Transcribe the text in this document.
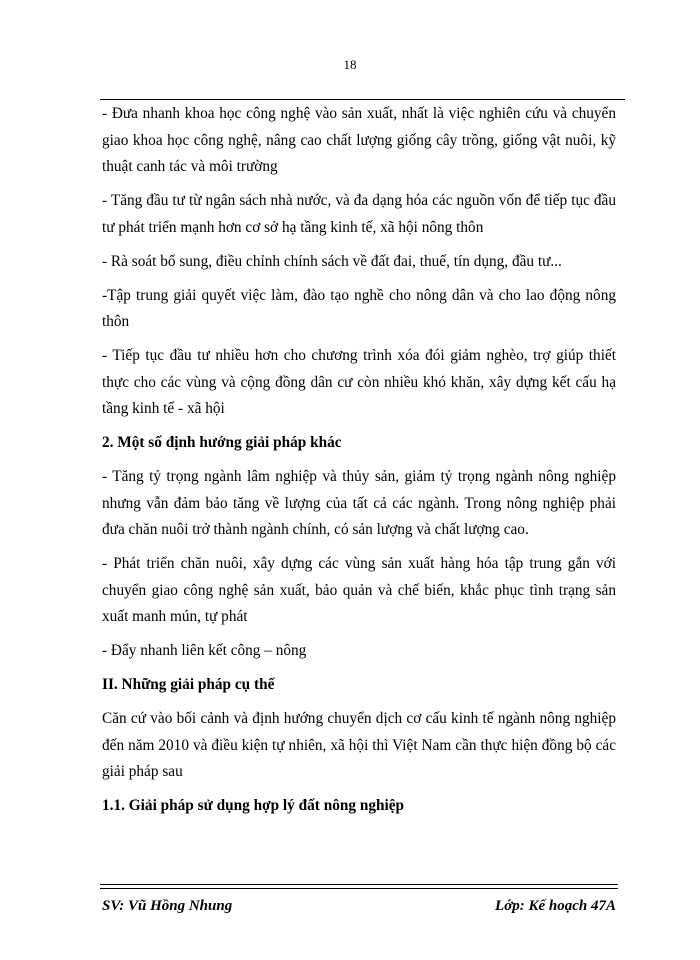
18

- Đưa nhanh khoa học công nghệ vào sản xuất, nhất là việc nghiên cứu và chuyển giao khoa học công nghệ, nâng cao chất lượng giống cây trồng, giống vật nuôi, kỹ thuật canh tác và môi trường

- Tăng đầu tư từ ngân sách nhà nước, và đa dạng hóa các nguồn vốn để tiếp tục đầu tư phát triển mạnh hơn cơ sở hạ tầng kinh tế, xã hội nông thôn

- Rà soát bổ sung, điều chỉnh chính sách về đất đai, thuế, tín dụng, đầu tư...

-Tập trung giải quyết việc làm, đào tạo nghề cho nông dân và cho lao động nông thôn

- Tiếp tục đầu tư nhiều hơn cho chương trình xóa đói giảm nghèo, trợ giúp thiết thực cho các vùng và cộng đồng dân cư còn nhiều khó khăn, xây dựng kết cấu hạ tầng kinh tế - xã hội

2. Một số định hướng giải pháp khác

- Tăng tỷ trọng ngành lâm nghiệp và thủy sản, giảm tỷ trọng ngành nông nghiệp nhưng vẫn đảm bảo tăng về lượng của tất cả các ngành. Trong nông nghiệp phải đưa chăn nuôi trở thành ngành chính, có sản lượng và chất lượng cao.

- Phát triển chăn nuôi, xây dựng các vùng sản xuất hàng hóa tập trung gắn với chuyển giao công nghệ sản xuất, bảo quản và chế biến, khắc phục tình trạng sản xuất manh mún, tự phát

- Đẩy nhanh liên kết công – nông

II. Những giải pháp cụ thể

Căn cứ vào bối cảnh và định hướng chuyển dịch cơ cấu kinh tế ngành nông nghiệp đến năm 2010 và điều kiện tự nhiên, xã hội thì Việt Nam cần thực hiện đồng bộ các giải pháp sau

1.1. Giải pháp sử dụng hợp lý đất nông nghiệp

SV: Vũ Hồng Nhung	Lớp: Kế hoạch 47A
